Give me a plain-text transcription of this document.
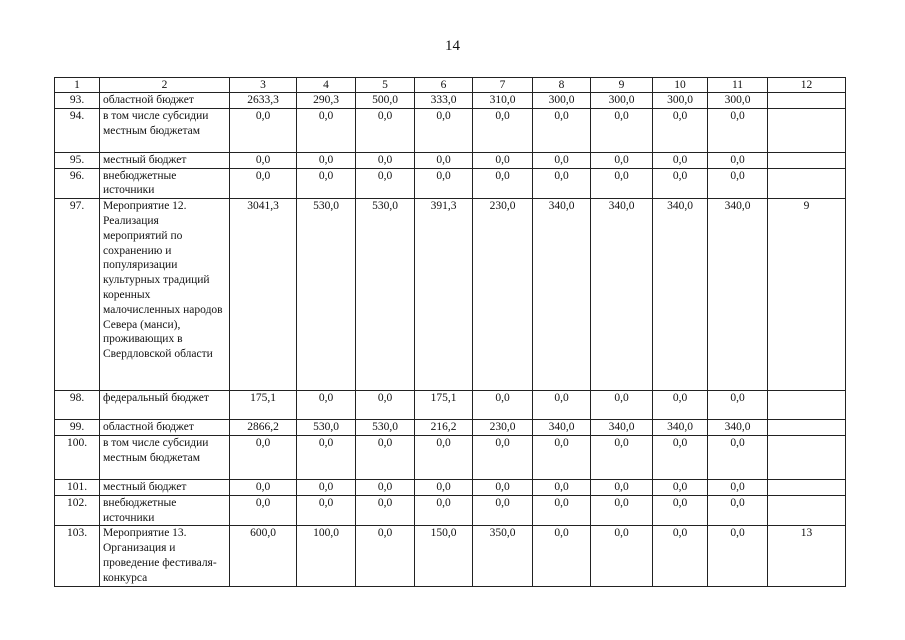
14
1	2	3	4	5	6	7	8	9	10	11	12
93.	областной бюджет	2633,3	290,3	500,0	333,0	310,0	300,0	300,0	300,0	300,0	
94.	в том числе субсидии местным бюджетам	0,0	0,0	0,0	0,0	0,0	0,0	0,0	0,0	0,0	
95.	местный бюджет	0,0	0,0	0,0	0,0	0,0	0,0	0,0	0,0	0,0	
96.	внебюджетные источники	0,0	0,0	0,0	0,0	0,0	0,0	0,0	0,0	0,0	
97.	Мероприятие 12. Реализация мероприятий по сохранению и популяризации культурных традиций коренных малочисленных народов Севера (манси), проживающих в Свердловской области	3041,3	530,0	530,0	391,3	230,0	340,0	340,0	340,0	340,0	9
98.	федеральный бюджет	175,1	0,0	0,0	175,1	0,0	0,0	0,0	0,0	0,0	
99.	областной бюджет	2866,2	530,0	530,0	216,2	230,0	340,0	340,0	340,0	340,0	
100.	в том числе субсидии местным бюджетам	0,0	0,0	0,0	0,0	0,0	0,0	0,0	0,0	0,0	
101.	местный бюджет	0,0	0,0	0,0	0,0	0,0	0,0	0,0	0,0	0,0	
102.	внебюджетные источники	0,0	0,0	0,0	0,0	0,0	0,0	0,0	0,0	0,0	
103.	Мероприятие 13. Организация и проведение фестиваля-конкурса	600,0	100,0	0,0	150,0	350,0	0,0	0,0	0,0	0,0	13
